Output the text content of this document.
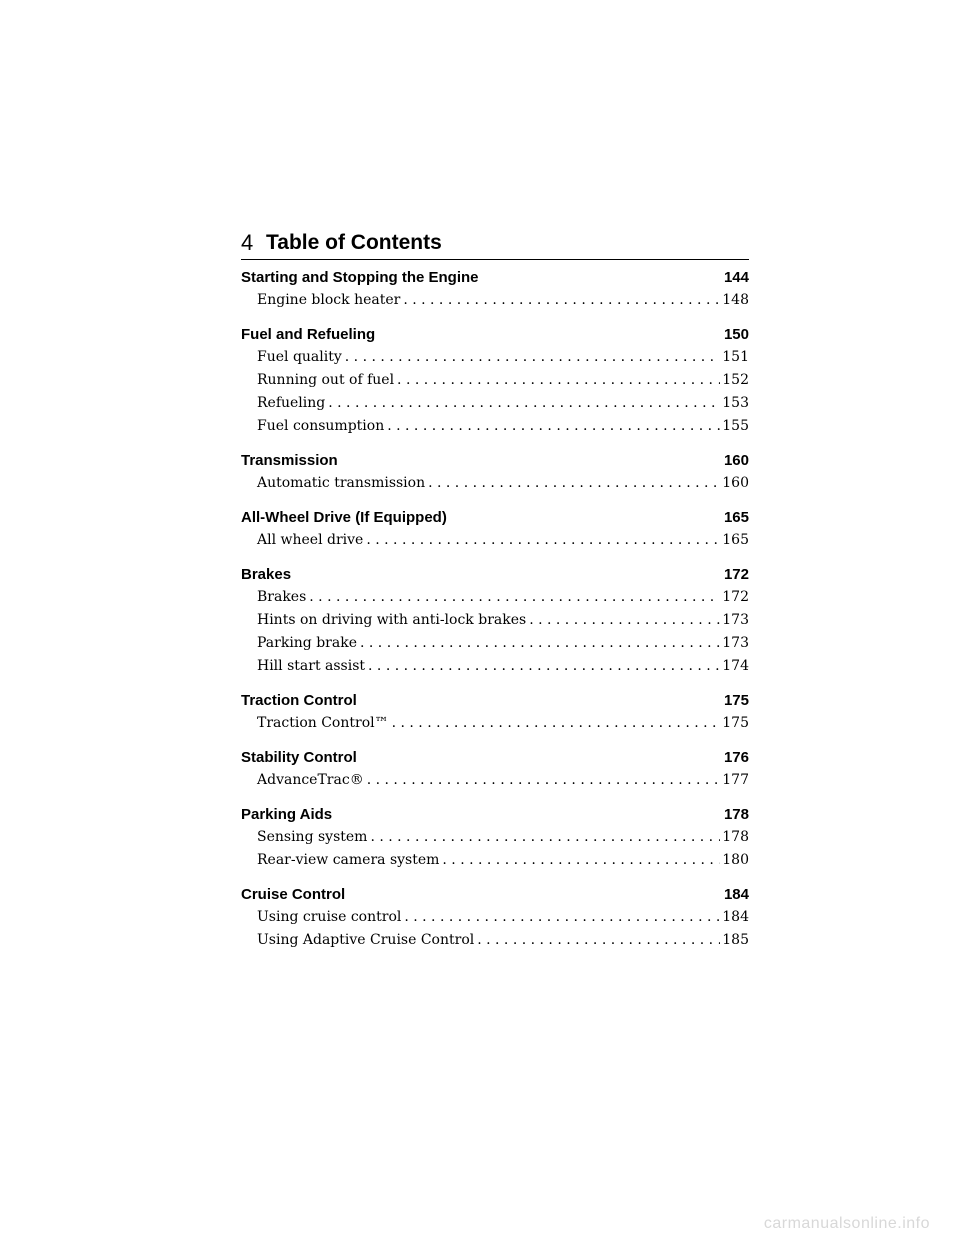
4 Table of Contents
Starting and Stopping the Engine	144
Engine block heater . . .	148
Fuel and Refueling	150
Fuel quality . . .	151
Running out of fuel . . .	152
Refueling . . .	153
Fuel consumption . . .	155
Transmission	160
Automatic transmission . . .	160
All-Wheel Drive (If Equipped)	165
All wheel drive . . .	165
Brakes	172
Brakes . . .	172
Hints on driving with anti-lock brakes . . .	173
Parking brake . . .	173
Hill start assist . . .	174
Traction Control	175
Traction Control™ . . .	175
Stability Control	176
AdvanceTrac® . . .	177
Parking Aids	178
Sensing system . . .	178
Rear-view camera system . . .	180
Cruise Control	184
Using cruise control . . .	184
Using Adaptive Cruise Control . . .	185
carmanualsonline.info
